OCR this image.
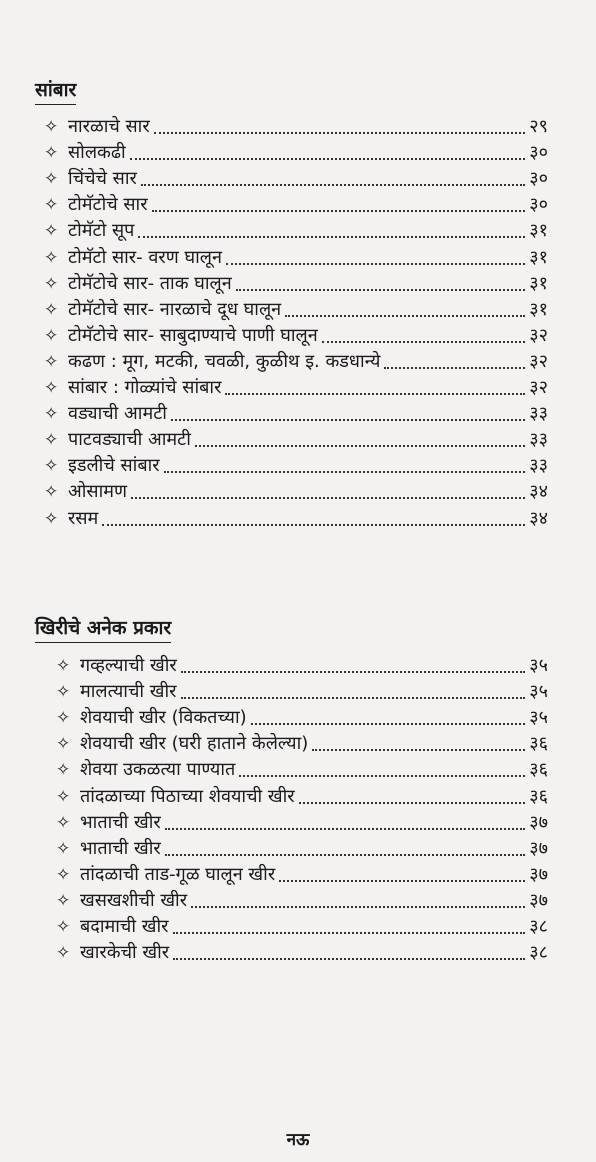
सांबार
✧ नारळाचे सार	२९
✧ सोलकढी	३०
✧ चिंचेचे सार	३०
✧ टोमॅटोचे सार	३०
✧ टोमॅटो सूप	३१
✧ टोमॅटो सार- वरण घालून	३१
✧ टोमॅटोचे सार- ताक घालून	३१
✧ टोमॅटोचे सार- नारळाचे दूध घालून	३१
✧ टोमॅटोचे सार- साबुदाण्याचे पाणी घालून	३२
✧ कढण : मूग, मटकी, चवळी, कुळीथ इ. कडधान्ये	३२
✧ सांबार : गोळ्यांचे सांबार	३२
✧ वड्याची आमटी	३३
✧ पाटवड्याची आमटी	३३
✧ इडलीचे सांबार	३३
✧ ओसामण	३४
✧ रसम	३४
खिरीचे अनेक प्रकार
✧ गव्हल्याची खीर	३५
✧ मालत्याची खीर	३५
✧ शेवयाची खीर (विकतच्या)	३५
✧ शेवयाची खीर (घरी हाताने केलेल्या)	३६
✧ शेवया उकळत्या पाण्यात	३६
✧ तांदळाच्या पिठाच्या शेवयाची खीर	३६
✧ भाताची खीर	३७
✧ भाताची खीर	३७
✧ तांदळाची ताड-गूळ घालून खीर	३७
✧ खसखशीची खीर	३७
✧ बदामाची खीर	३८
✧ खारकेची खीर	३८
नऊ
